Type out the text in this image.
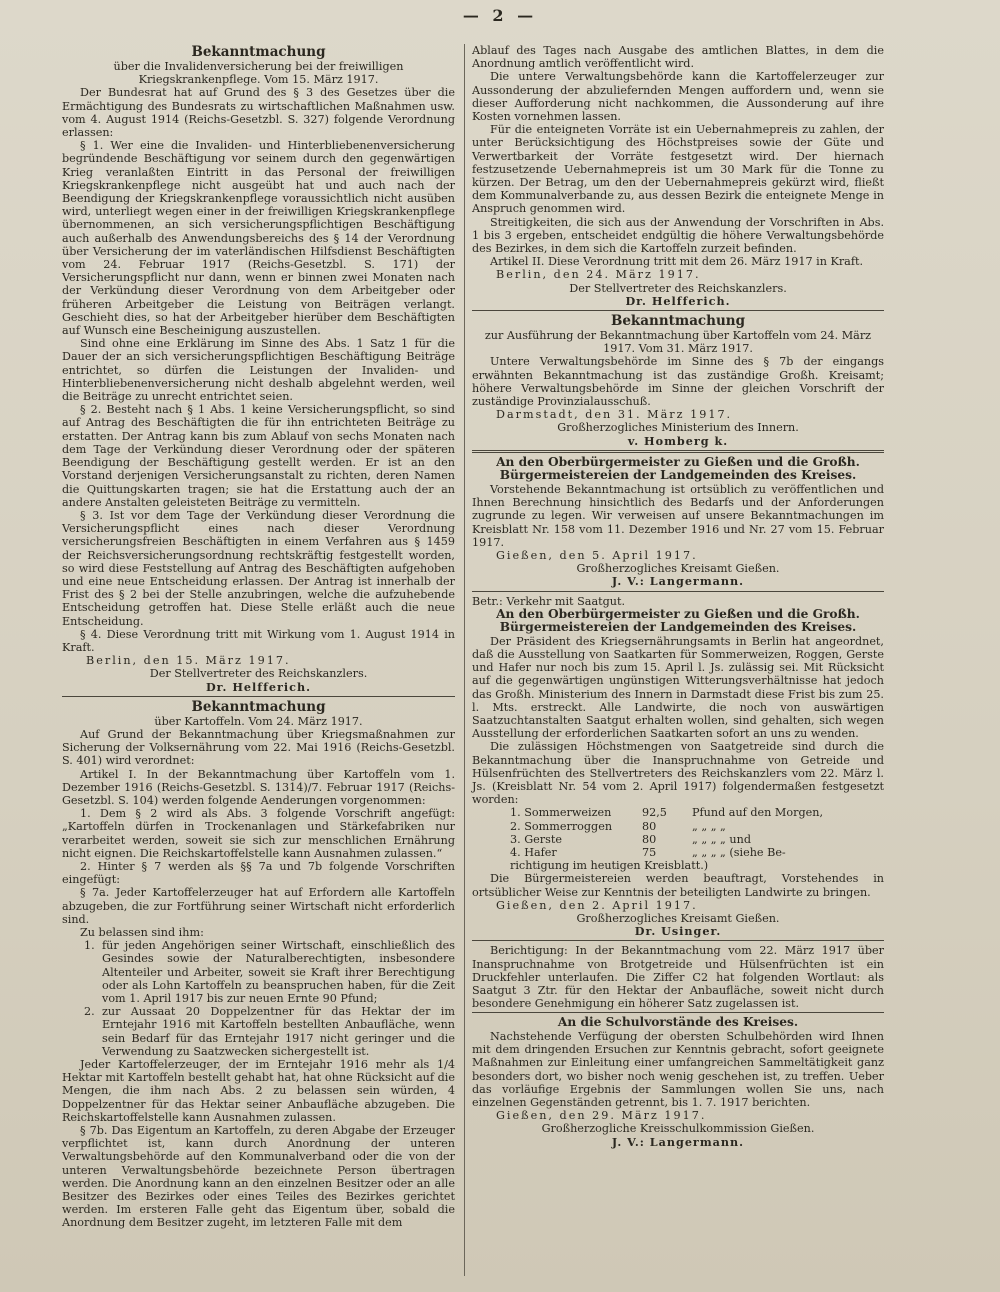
— 2 —
Bekanntmachung

über die Invalidenversicherung bei der freiwilligen Kriegskrankenpflege. Vom 15. März 1917.

Der Bundesrat hat auf Grund des § 3 des Gesetzes über die Ermächtigung des Bundesrats zu wirtschaftlichen Maßnahmen usw. vom 4. August 1914 (Reichs-Gesetzbl. S. 327) folgende Verordnung erlassen:

§ 1. Wer eine die Invaliden- und Hinterbliebenenversicherung begründende Beschäftigung vor seinem durch den gegenwärtigen Krieg veranlaßten Eintritt in das Personal der freiwilligen Kriegskrankenpflege nicht ausgeübt hat und auch nach der Beendigung der Kriegskrankenpflege voraussichtlich nicht ausüben wird, unterliegt wegen einer in der freiwilligen Kriegskrankenpflege übernommenen, an sich versicherungspflichtigen Beschäftigung auch außerhalb des Anwendungsbereichs des § 14 der Verordnung über Versicherung der im vaterländischen Hilfsdienst Beschäftigten vom 24. Februar 1917 (Reichs-Gesetzbl. S. 171) der Versicherungspflicht nur dann, wenn er binnen zwei Monaten nach der Verkündung dieser Verordnung von dem Arbeitgeber oder früheren Arbeitgeber die Leistung von Beiträgen verlangt. Geschieht dies, so hat der Arbeitgeber hierüber dem Beschäftigten auf Wunsch eine Bescheinigung auszustellen.

Sind ohne eine Erklärung im Sinne des Abs. 1 Satz 1 für die Dauer der an sich versicherungspflichtigen Beschäftigung Beiträge entrichtet, so dürfen die Leistungen der Invaliden- und Hinterbliebenenversicherung nicht deshalb abgelehnt werden, weil die Beiträge zu unrecht entrichtet seien.

§ 2. Besteht nach § 1 Abs. 1 keine Versicherungspflicht, so sind auf Antrag des Beschäftigten die für ihn entrichteten Beiträge zu erstatten. Der Antrag kann bis zum Ablauf von sechs Monaten nach dem Tage der Verkündung dieser Verordnung oder der späteren Beendigung der Beschäftigung gestellt werden. Er ist an den Vorstand derjenigen Versicherungsanstalt zu richten, deren Namen die Quittungskarten tragen; sie hat die Erstattung auch der an andere Anstalten geleisteten Beiträge zu vermitteln.

§ 3. Ist vor dem Tage der Verkündung dieser Verordnung die Versicherungspflicht eines nach dieser Verordnung versicherungsfreien Beschäftigten in einem Verfahren aus § 1459 der Reichsversicherungsordnung rechtskräftig festgestellt worden, so wird diese Feststellung auf Antrag des Beschäftigten aufgehoben und eine neue Entscheidung erlassen. Der Antrag ist innerhalb der Frist des § 2 bei der Stelle anzubringen, welche die aufzuhebende Entscheidung getroffen hat. Diese Stelle erläßt auch die neue Entscheidung.

§ 4. Diese Verordnung tritt mit Wirkung vom 1. August 1914 in Kraft.

Berlin, den 15. März 1917.

Der Stellvertreter des Reichskanzlers.

Dr. Helfferich.

Bekanntmachung

über Kartoffeln. Vom 24. März 1917.

Auf Grund der Bekanntmachung über Kriegsmaßnahmen zur Sicherung der Volksernährung vom 22. Mai 1916 (Reichs-Gesetzbl. S. 401) wird verordnet:

Artikel I. In der Bekanntmachung über Kartoffeln vom 1. Dezember 1916 (Reichs-Gesetzbl. S. 1314)/7. Februar 1917 (Reichs-Gesetzbl. S. 104) werden folgende Aenderungen vorgenommen:

1. Dem § 2 wird als Abs. 3 folgende Vorschrift angefügt: „Kartoffeln dürfen in Trockenanlagen und Stärkefabriken nur verarbeitet werden, soweit sie sich zur menschlichen Ernährung nicht eignen. Die Reichskartoffelstelle kann Ausnahmen zulassen.“

2. Hinter § 7 werden als §§ 7a und 7b folgende Vorschriften eingefügt:

§ 7a. Jeder Kartoffelerzeuger hat auf Erfordern alle Kartoffeln abzugeben, die zur Fortführung seiner Wirtschaft nicht erforderlich sind.

Zu belassen sind ihm:

1. für jeden Angehörigen seiner Wirtschaft, einschließlich des Gesindes sowie der Naturalberechtigten, insbesondere Altenteiler und Arbeiter, soweit sie Kraft ihrer Berechtigung oder als Lohn Kartoffeln zu beanspruchen haben, für die Zeit vom 1. April 1917 bis zur neuen Ernte 90 Pfund;

2. zur Aussaat 20 Doppelzentner für das Hektar der im Erntejahr 1916 mit Kartoffeln bestellten Anbaufläche, wenn sein Bedarf für das Erntejahr 1917 nicht geringer und die Verwendung zu Saatzwecken sichergestellt ist.

Jeder Kartoffelerzeuger, der im Erntejahr 1916 mehr als 1/4 Hektar mit Kartoffeln bestellt gehabt hat, hat ohne Rücksicht auf die Mengen, die ihm nach Abs. 2 zu belassen sein würden, 4 Doppelzentner für das Hektar seiner Anbaufläche abzugeben. Die Reichskartoffelstelle kann Ausnahmen zulassen.

§ 7b. Das Eigentum an Kartoffeln, zu deren Abgabe der Erzeuger verpflichtet ist, kann durch Anordnung der unteren Verwaltungsbehörde auf den Kommunalverband oder die von der unteren Verwaltungsbehörde bezeichnete Person übertragen werden. Die Anordnung kann an den einzelnen Besitzer oder an alle Besitzer des Bezirkes oder eines Teiles des Bezirkes gerichtet werden. Im ersteren Falle geht das Eigentum über, sobald die Anordnung dem Besitzer zugeht, im letzteren Falle mit dem

Ablauf des Tages nach Ausgabe des amtlichen Blattes, in dem die Anordnung amtlich veröffentlicht wird.

Die untere Verwaltungsbehörde kann die Kartoffelerzeuger zur Aussonderung der abzuliefernden Mengen auffordern und, wenn sie dieser Aufforderung nicht nachkommen, die Aussonderung auf ihre Kosten vornehmen lassen.

Für die enteigneten Vorräte ist ein Uebernahmepreis zu zahlen, der unter Berücksichtigung des Höchstpreises sowie der Güte und Verwertbarkeit der Vorräte festgesetzt wird. Der hiernach festzusetzende Uebernahmepreis ist um 30 Mark für die Tonne zu kürzen. Der Betrag, um den der Uebernahmepreis gekürzt wird, fließt dem Kommunalverbande zu, aus dessen Bezirk die enteignete Menge in Anspruch genommen wird.

Streitigkeiten, die sich aus der Anwendung der Vorschriften in Abs. 1 bis 3 ergeben, entscheidet endgültig die höhere Verwaltungsbehörde des Bezirkes, in dem sich die Kartoffeln zurzeit befinden.

Artikel II. Diese Verordnung tritt mit dem 26. März 1917 in Kraft.

Berlin, den 24. März 1917.

Der Stellvertreter des Reichskanzlers.

Dr. Helfferich.

Bekanntmachung

zur Ausführung der Bekanntmachung über Kartoffeln vom 24. März 1917. Vom 31. März 1917.

Untere Verwaltungsbehörde im Sinne des § 7b der eingangs erwähnten Bekanntmachung ist das zuständige Großh. Kreisamt; höhere Verwaltungsbehörde im Sinne der gleichen Vorschrift der zuständige Provinzialausschuß.

Darmstadt, den 31. März 1917.

Großherzogliches Ministerium des Innern.

v. Homberg k.

An den Oberbürgermeister zu Gießen und die Großh. Bürgermeistereien der Landgemeinden des Kreises.

Vorstehende Bekanntmachung ist ortsüblich zu veröffentlichen und Ihnen Berechnung hinsichtlich des Bedarfs und der Anforderungen zugrunde zu legen. Wir verweisen auf unsere Bekanntmachungen im Kreisblatt Nr. 158 vom 11. Dezember 1916 und Nr. 27 vom 15. Februar 1917.

Gießen, den 5. April 1917.

Großherzogliches Kreisamt Gießen.

J. V.: Langermann.

Betr.: Verkehr mit Saatgut.

An den Oberbürgermeister zu Gießen und die Großh. Bürgermeistereien der Landgemeinden des Kreises.

Der Präsident des Kriegsernährungsamts in Berlin hat angeordnet, daß die Ausstellung von Saatkarten für Sommerweizen, Roggen, Gerste und Hafer nur noch bis zum 15. April l. Js. zulässig sei. Mit Rücksicht auf die gegenwärtigen ungünstigen Witterungsverhältnisse hat jedoch das Großh. Ministerium des Innern in Darmstadt diese Frist bis zum 25. l. Mts. erstreckt. Alle Landwirte, die noch von auswärtigen Saatzuchtanstalten Saatgut erhalten wollen, sind gehalten, sich wegen Ausstellung der erforderlichen Saatkarten sofort an uns zu wenden.

Die zulässigen Höchstmengen von Saatgetreide sind durch die Bekanntmachung über die Inanspruchnahme von Getreide und Hülsenfrüchten des Stellvertreters des Reichskanzlers vom 22. März l. Js. (Kreisblatt Nr. 54 vom 2. April 1917) folgendermaßen festgesetzt worden:

1. Sommerweizen	92,5	Pfund auf den Morgen,
2. Sommerroggen	80	„ „ „ „
3. Gerste	80	„ „ „ „ und
4. Hafer	75	„ „ „ „ (siehe Be-
richtigung im heutigen Kreisblatt.)

Die Bürgermeistereien werden beauftragt, Vorstehendes in ortsüblicher Weise zur Kenntnis der beteiligten Landwirte zu bringen.

Gießen, den 2. April 1917.

Großherzogliches Kreisamt Gießen.

Dr. Usinger.

Berichtigung: In der Bekanntmachung vom 22. März 1917 über Inanspruchnahme von Brotgetreide und Hülsenfrüchten ist ein Druckfehler unterlaufen. Die Ziffer C2 hat folgenden Wortlaut: als Saatgut 3 Ztr. für den Hektar der Anbaufläche, soweit nicht durch besondere Genehmigung ein höherer Satz zugelassen ist.

An die Schulvorstände des Kreises.

Nachstehende Verfügung der obersten Schulbehörden wird Ihnen mit dem dringenden Ersuchen zur Kenntnis gebracht, sofort geeignete Maßnahmen zur Einleitung einer umfangreichen Sammeltätigkeit ganz besonders dort, wo bisher noch wenig geschehen ist, zu treffen. Ueber das vorläufige Ergebnis der Sammlungen wollen Sie uns, nach einzelnen Gegenständen getrennt, bis 1. 7. 1917 berichten.

Gießen, den 29. März 1917.

Großherzogliche Kreisschulkommission Gießen.

J. V.: Langermann.
